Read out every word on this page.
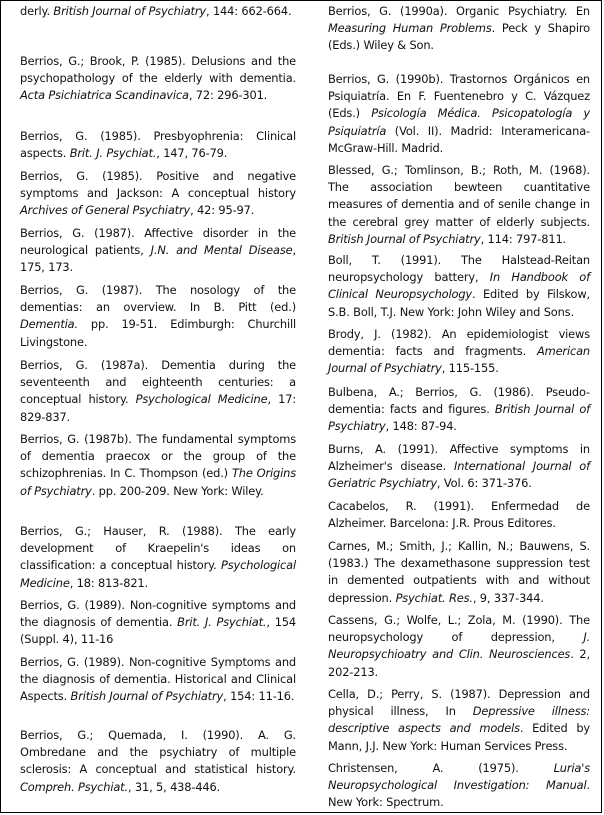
derly. British Journal of Psychiatry, 144: 662-664.
Berrios, G.; Brook, P. (1985). Delusions and the psychopathology of the elderly with dementia. Acta Psichiatrica Scandinavica, 72: 296-301.
Berrios, G. (1985). Presbyophrenia: Clinical aspects. Brit. J. Psychiat., 147, 76-79.
Berrios, G. (1985). Positive and negative symptoms and Jackson: A conceptual history Archives of General Psychiatry, 42: 95-97.
Berrios, G. (1987). Affective disorder in the neurological patients, J.N. and Mental Disease, 175, 173.
Berrios, G. (1987). The nosology of the dementias: an overview. In B. Pitt (ed.) Dementia. pp. 19-51. Edimburgh: Churchill Livingstone.
Berrios, G. (1987a). Dementia during the seventeenth and eighteenth centuries: a conceptual history. Psychological Medicine, 17: 829-837.
Berrios, G. (1987b). The fundamental symptoms of dementia praecox or the group of the schizophrenias. In C. Thompson (ed.) The Origins of Psychiatry. pp. 200-209. New York: Wiley.
Berrios, G.; Hauser, R. (1988). The early development of Kraepelin's ideas on classification: a conceptual history. Psychological Medicine, 18: 813-821.
Berrios, G. (1989). Non-cognitive symptoms and the diagnosis of dementia. Brit. J. Psychiat., 154 (Suppl. 4), 11-16
Berrios, G. (1989). Non-cognitive Symptoms and the diagnosis of dementia. Historical and Clinical Aspects. British Journal of Psychiatry, 154: 11-16.
Berrios, G.; Quemada, I. (1990). A. G. Ombredane and the psychiatry of multiple sclerosis: A conceptual and statistical history. Compreh. Psychiat., 31, 5, 438-446.
Berrios, G. (1990a). Organic Psychiatry. En Measuring Human Problems. Peck y Shapiro (Eds.) Wiley & Son.
Berrios, G. (1990b). Trastornos Orgánicos en Psiquiatría. En F. Fuentenebro y C. Vázquez (Eds.) Psicología Médica. Psicopatología y Psiquiatría (Vol. II). Madrid: Interamericana-McGraw-Hill. Madrid.
Blessed, G.; Tomlinson, B.; Roth, M. (1968). The association bewteen cuantitative measures of dementia and of senile change in the cerebral grey matter of elderly subjects. British Journal of Psychiatry, 114: 797-811.
Boll, T. (1991). The Halstead-Reitan neuropsychology battery, In Handbook of Clinical Neuropsychology. Edited by Filskow, S.B. Boll, T.J. New York: John Wiley and Sons.
Brody, J. (1982). An epidemiologist views dementia: facts and fragments. American Journal of Psychiatry, 115-155.
Bulbena, A.; Berrios, G. (1986). Pseudo-dementia: facts and figures. British Journal of Psychiatry, 148: 87-94.
Burns, A. (1991). Affective symptoms in Alzheimer's disease. International Journal of Geriatric Psychiatry, Vol. 6: 371-376.
Cacabelos, R. (1991). Enfermedad de Alzheimer. Barcelona: J.R. Prous Editores.
Carnes, M.; Smith, J.; Kallin, N.; Bauwens, S. (1983.) The dexamethasone suppression test in demented outpatients with and without depression. Psychiat. Res., 9, 337-344.
Cassens, G.; Wolfe, L.; Zola, M. (1990). The neuropsychology of depression, J. Neuropsychioatry and Clin. Neurosciences. 2, 202-213.
Cella, D.; Perry, S. (1987). Depression and physical illness, In Depressive illness: descriptive aspects and models. Edited by Mann, J.J. New York: Human Services Press.
Christensen, A. (1975). Luria's Neuropsychological Investigation: Manual. New York: Spectrum.
